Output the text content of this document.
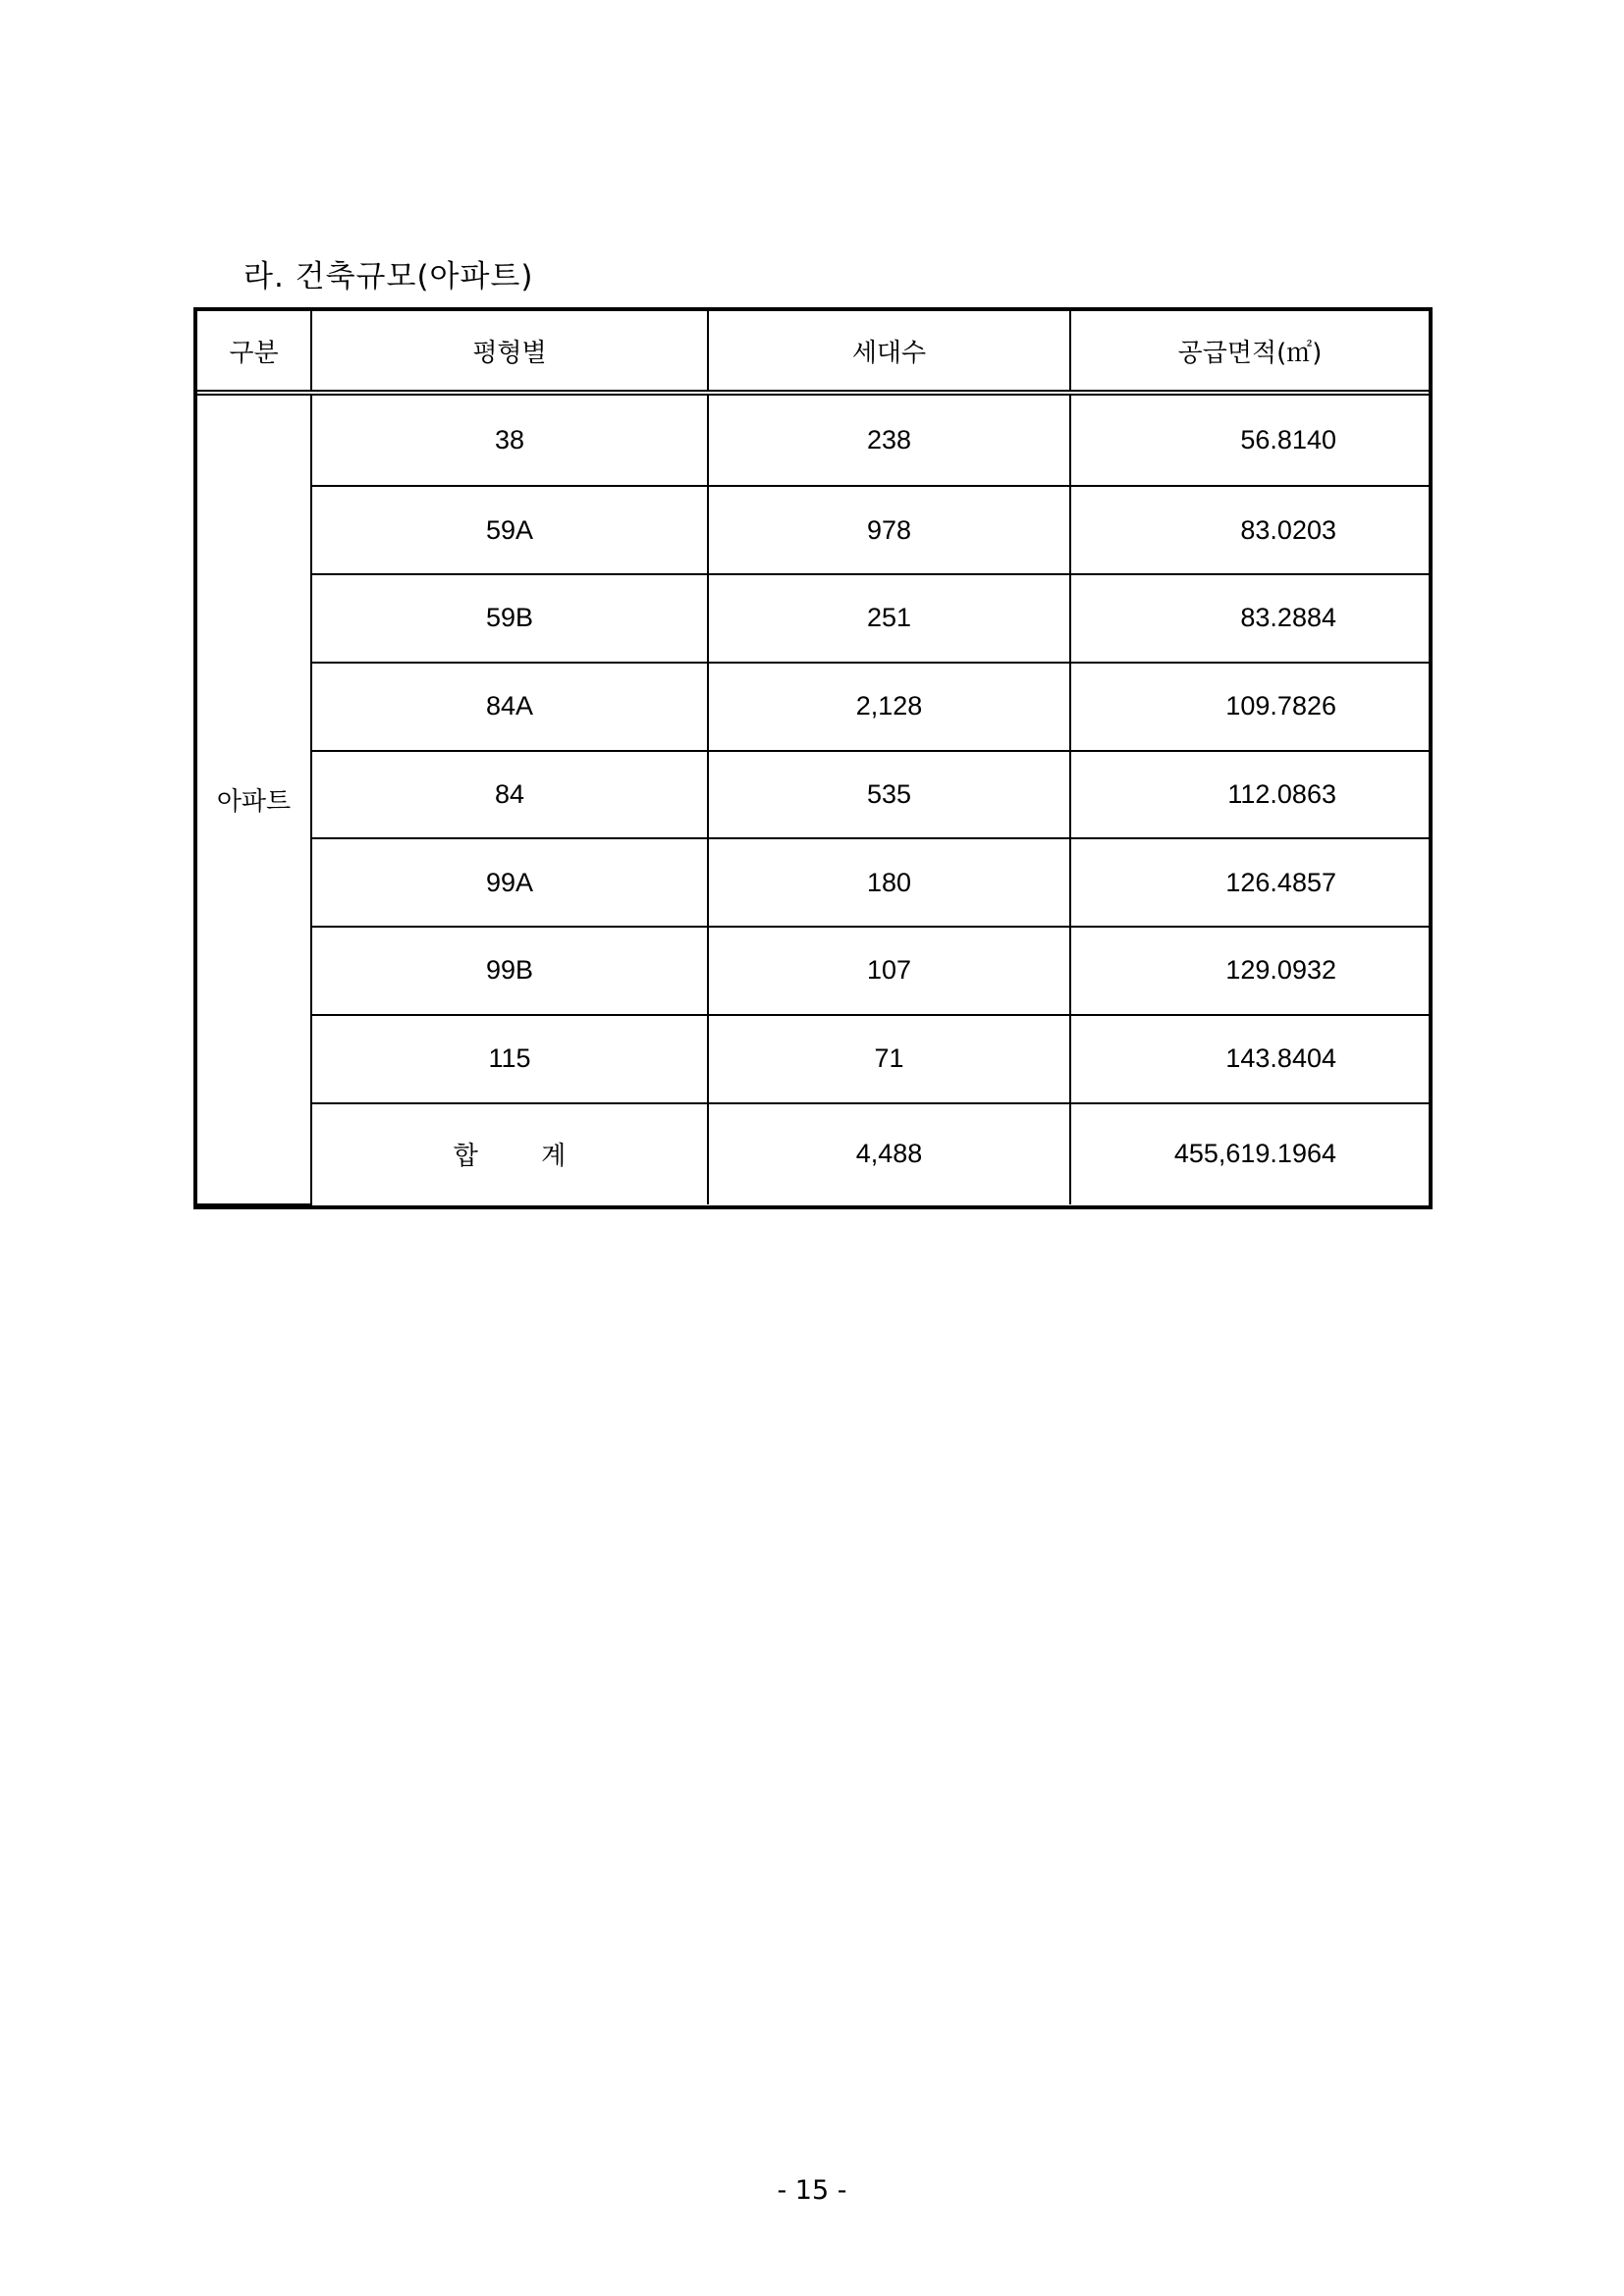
라. 건축규모(아파트)
구분	평형별	세대수	공급면적(㎡)
아파트	38	238	56.8140
	59A	978	83.0203
	59B	251	83.2884
	84A	2,128	109.7826
	84	535	112.0863
	99A	180	126.4857
	99B	107	129.0932
	115	71	143.8404
	합 계	4,488	455,619.1964
- 15 -
